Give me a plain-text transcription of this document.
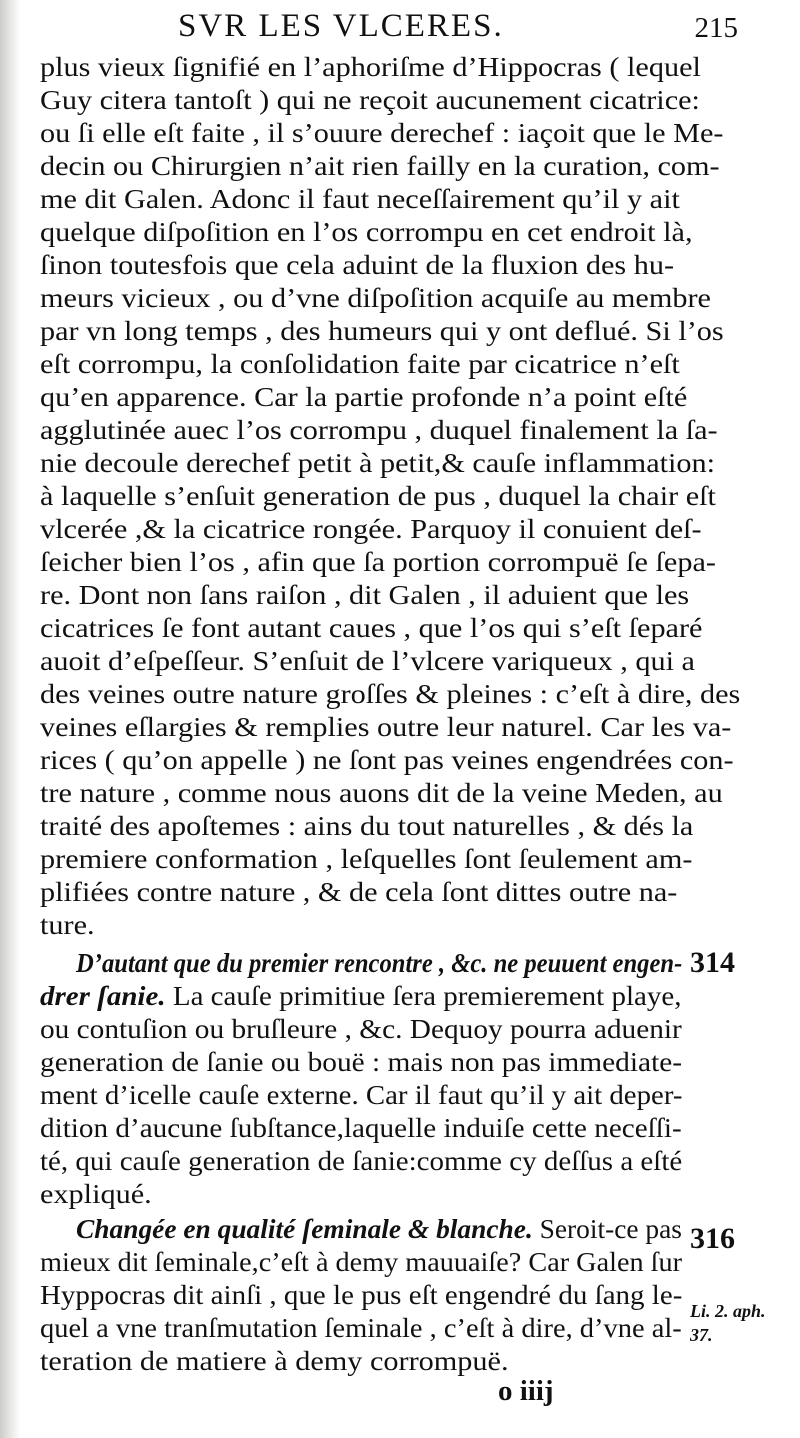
SVR LES VLCERES.	215
plus vieux ſignifié en l’aphoriſme d’Hippocras ( lequel
Guy citera tantoſt ) qui ne reçoit aucunement cicatrice:
ou ſi elle eſt faite , il s’ouure derechef : iaçoit que le Me-
decin ou Chirurgien n’ait rien failly en la curation, com-
me dit Galen. Adonc il faut neceſſairement qu’il y ait
quelque diſpoſition en l’os corrompu en cet endroit là,
ſinon toutesfois que cela aduint de la fluxion des hu-
meurs vicieux , ou d’vne diſpoſition acquiſe au membre
par vn long temps , des humeurs qui y ont deflué. Si l’os
eſt corrompu, la conſolidation faite par cicatrice n’eſt
qu’en apparence. Car la partie profonde n’a point eſté
agglutinée auec l’os corrompu , duquel finalement la ſa-
nie decoule derechef petit à petit,& cauſe inflammation:
à laquelle s’enſuit generation de pus , duquel la chair eſt
vlcerée ,& la cicatrice rongée. Parquoy il conuient deſ-
ſeicher bien l’os , afin que ſa portion corrompuë ſe ſepa-
re. Dont non ſans raiſon , dit Galen , il aduient que les
cicatrices ſe font autant caues , que l’os qui s’eſt ſeparé
auoit d’eſpeſſeur. S’enſuit de l’vlcere variqueux , qui a
des veines outre nature groſſes & pleines : c’eſt à dire, des
veines eſlargies & remplies outre leur naturel. Car les va-
rices ( qu’on appelle ) ne ſont pas veines engendrées con-
tre nature , comme nous auons dit de la veine Meden, au
traité des apoſtemes : ains du tout naturelles , & dés la
premiere conformation , leſquelles ſont ſeulement am-
plifiées contre nature , & de cela ſont dittes outre na-
ture.
D’autant que du premier rencontre , &c. ne peuuent engen- 314
drer ſanie. La cauſe primitiue ſera premierement playe,
ou contuſion ou bruſleure , &c. Dequoy pourra aduenir
generation de ſanie ou bouë : mais non pas immediate-
ment d’icelle cauſe externe. Car il faut qu’il y ait deper-
dition d’aucune ſubſtance,laquelle induiſe cette neceſſi-
té, qui cauſe generation de ſanie:comme cy deſſus a eſté
expliqué.
Changée en qualité ſeminale & blanche. Seroit-ce pas 316
mieux dit ſeminale,c’eſt à demy mauuaiſe? Car Galen ſur
Hyppocras dit ainſi , que le pus eſt engendré du ſang le-
quel a vne tranſmutation ſeminale , c’eſt à dire, d’vne al-
teration de matiere à demy corrompuë.
Li. 2. aph.
37.
o iiij
